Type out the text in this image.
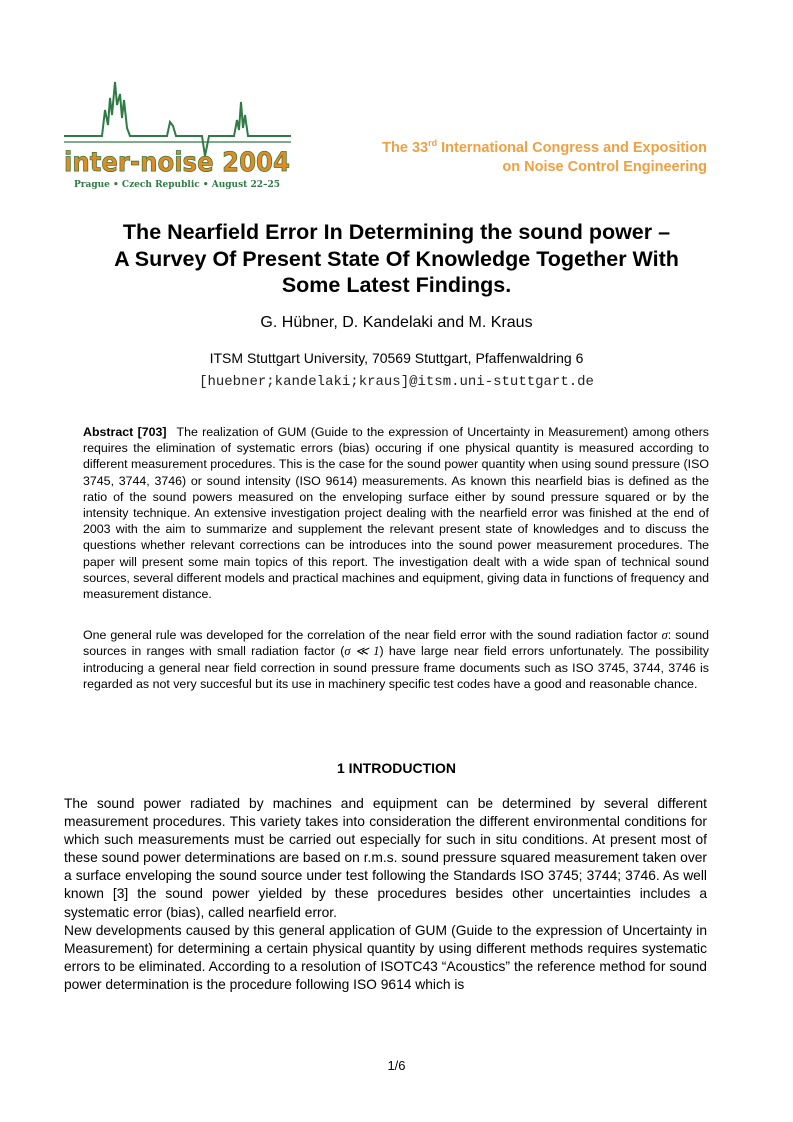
inter-noise 2004
Prague • Czech Republic • August 22–25
The 33rd International Congress and Exposition
on Noise Control Engineering
The Nearfield Error In Determining the sound power –
A Survey Of Present State Of Knowledge Together With
Some Latest Findings.
G. Hübner, D. Kandelaki and M. Kraus
ITSM Stuttgart University, 70569 Stuttgart, Pfaffenwaldring 6
[huebner;kandelaki;kraus]@itsm.uni-stuttgart.de

Abstract [703] The realization of GUM (Guide to the expression of Uncertainty in Measurement) among others requires the elimination of systematic errors (bias) occuring if one physical quantity is measured according to different measurement procedures. This is the case for the sound power quantity when using sound pressure (ISO 3745, 3744, 3746) or sound intensity (ISO 9614) measurements. As known this nearfield bias is defined as the ratio of the sound powers measured on the enveloping surface either by sound pressure squared or by the intensity technique. An extensive investigation project dealing with the nearfield error was finished at the end of 2003 with the aim to summarize and supplement the relevant present state of knowledges and to discuss the questions whether relevant corrections can be introduces into the sound power measurement procedures. The paper will present some main topics of this report. The investigation dealt with a wide span of technical sound sources, several different models and practical machines and equipment, giving data in functions of frequency and measurement distance.

One general rule was developed for the correlation of the near field error with the sound radiation factor σ: sound sources in ranges with small radiation factor (σ ≪ 1) have large near field errors unfortunately. The possibility introducing a general near field correction in sound pressure frame documents such as ISO 3745, 3744, 3746 is regarded as not very succesful but its use in machinery specific test codes have a good and reasonable chance.

1 INTRODUCTION

The sound power radiated by machines and equipment can be determined by several different measurement procedures. This variety takes into consideration the different environmental conditions for which such measurements must be carried out especially for such in situ conditions. At present most of these sound power determinations are based on r.m.s. sound pressure squared measurement taken over a surface enveloping the sound source under test following the Standards ISO 3745; 3744; 3746. As well known [3] the sound power yielded by these procedures besides other uncertainties includes a systematic error (bias), called nearfield error.

New developments caused by this general application of GUM (Guide to the expression of Uncertainty in Measurement) for determining a certain physical quantity by using different methods requires systematic errors to be eliminated. According to a resolution of ISOTC43 “Acoustics” the reference method for sound power determination is the procedure following ISO 9614 which is

1/6
